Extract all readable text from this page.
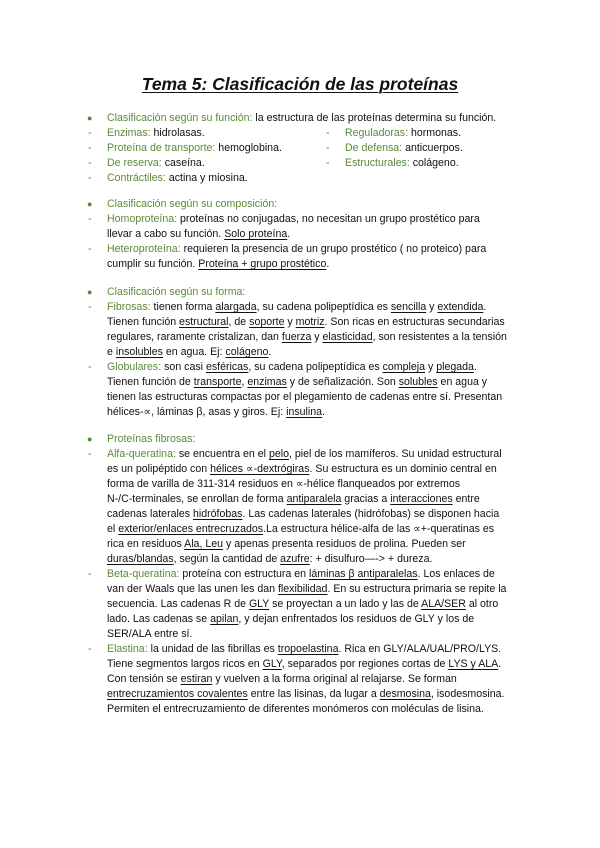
Tema 5: Clasificación de las proteínas
●	Clasificación según su función: la estructura de las proteínas determina su función.
-	Enzimas: hidrolasas.	-	Reguladoras: hormonas.
-	Proteína de transporte: hemoglobina.	-	De defensa: anticuerpos.
-	De reserva: caseína.	-	Estructurales: colágeno.
-	Contráctiles: actina y miosina.
●	Clasificación según su composición:
-	Homoproteína: proteínas no conjugadas, no necesitan un grupo prostético para
llevar a cabo su función. Solo proteína.
-	Heteroproteína: requieren la presencia de un grupo prostético ( no proteico) para
cumplir su función. Proteína + grupo prostético.
●	Clasificación según su forma:
-	Fibrosas: tienen forma alargada, su cadena polipeptídica es sencilla y extendida.
Tienen función estructural, de soporte y motriz. Son ricas en estructuras secundarias
regulares, raramente cristalizan, dan fuerza y elasticidad, son resistentes a la tensión
e insolubles en agua. Ej: colágeno.
-	Globulares: son casi esféricas, su cadena polipeptídica es compleja y plegada.
Tienen función de transporte, enzimas y de señalización. Son solubles en agua y
tienen las estructuras compactas por el plegamiento de cadenas entre sí. Presentan
hélices-∝, láminas β, asas y giros. Ej: insulina.
●	Proteínas fibrosas:
-	Alfa-queratina: se encuentra en el pelo, piel de los mamíferos. Su unidad estructural
es un polipéptido con hélices ∝-dextrógiras. Su estructura es un dominio central en
forma de varilla de 311-314 residuos en ∝-hélice flanqueados por extremos
N-/C-terminales, se enrollan de forma antiparalela gracias a interacciones entre
cadenas laterales hidrófobas. Las cadenas laterales (hidrófobas) se disponen hacia
el exterior/enlaces entrecruzados.La estructura hélice-alfa de las ∝+-queratinas es
rica en residuos Ala, Leu y apenas presenta residuos de prolina. Pueden ser
duras/blandas, según la cantidad de azufre: + disulfuro—-> + dureza.
-	Beta-queratina: proteína con estructura en láminas β antiparalelas. Los enlaces de
van der Waals que las unen les dan flexibilidad. En su estructura primaria se repite la
secuencia. Las cadenas R de GLY se proyectan a un lado y las de ALA/SER al otro
lado. Las cadenas se apilan, y dejan enfrentados los residuos de GLY y los de
SER/ALA entre sí.
-	Elastina: la unidad de las fibrillas es tropoelastina. Rica en GLY/ALA/UAL/PRO/LYS.
Tiene segmentos largos ricos en GLY, separados por regiones cortas de LYS y ALA.
Con tensión se estiran y vuelven a la forma original al relajarse. Se forman
entrecruzamientos covalentes entre las lisinas, da lugar a desmosina, isodesmosina.
Permiten el entrecruzamiento de diferentes monómeros con moléculas de lisina.
